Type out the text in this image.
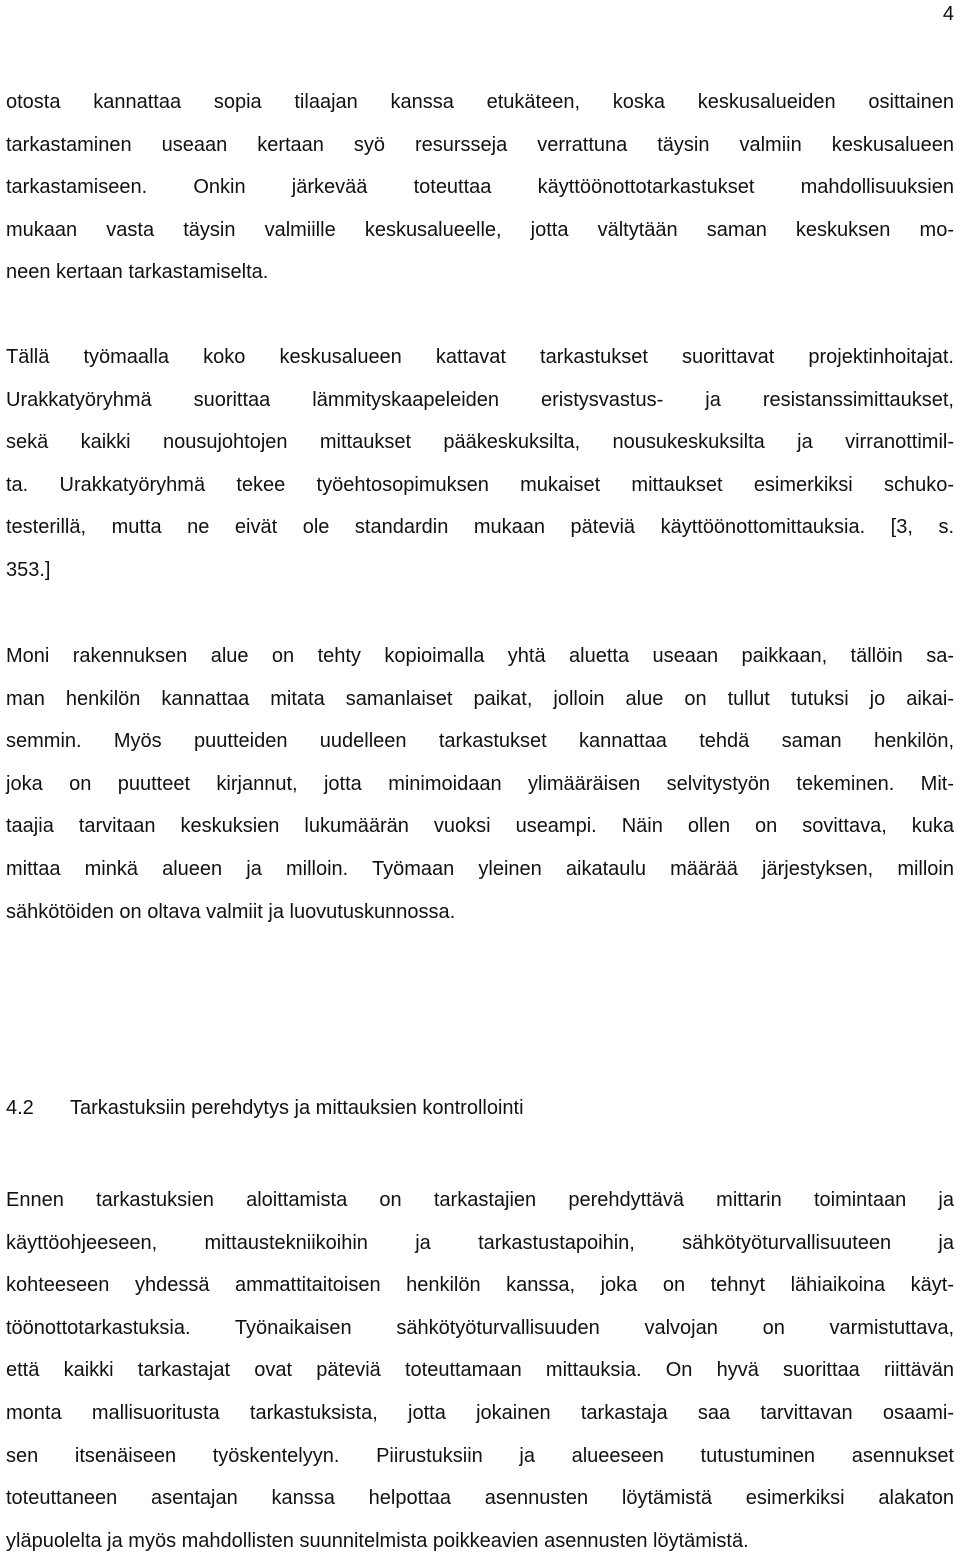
4
otosta kannattaa sopia tilaajan kanssa etukäteen, koska keskusalueiden osittainen
tarkastaminen useaan kertaan syö resursseja verrattuna täysin valmiin keskusalueen
tarkastamiseen. Onkin järkevää toteuttaa käyttöönottotarkastukset mahdollisuuksien
mukaan vasta täysin valmiille keskusalueelle, jotta vältytään saman keskuksen mo-
neen kertaan tarkastamiselta.
Tällä työmaalla koko keskusalueen kattavat tarkastukset suorittavat projektinhoitajat.
Urakkatyöryhmä suorittaa lämmityskaapeleiden eristysvastus- ja resistanssimittaukset,
sekä kaikki nousujohtojen mittaukset pääkeskuksilta, nousukeskuksilta ja virranottimil-
ta. Urakkatyöryhmä tekee työehtosopimuksen mukaiset mittaukset esimerkiksi schuko-
testerillä, mutta ne eivät ole standardin mukaan päteviä käyttöönottomittauksia. [3, s.
353.]
Moni rakennuksen alue on tehty kopioimalla yhtä aluetta useaan paikkaan, tällöin sa-
man henkilön kannattaa mitata samanlaiset paikat, jolloin alue on tullut tutuksi jo aikai-
semmin. Myös puutteiden uudelleen tarkastukset kannattaa tehdä saman henkilön,
joka on puutteet kirjannut, jotta minimoidaan ylimääräisen selvitystyön tekeminen. Mit-
taajia tarvitaan keskuksien lukumäärän vuoksi useampi. Näin ollen on sovittava, kuka
mittaa minkä alueen ja milloin. Työmaan yleinen aikataulu määrää järjestyksen, milloin
sähkötöiden on oltava valmiit ja luovutuskunnossa.
4.2 Tarkastuksiin perehdytys ja mittauksien kontrollointi
Ennen tarkastuksien aloittamista on tarkastajien perehdyttävä mittarin toimintaan ja
käyttöohjeeseen, mittaustekniikoihin ja tarkastustapoihin, sähkötyöturvallisuuteen ja
kohteeseen yhdessä ammattitaitoisen henkilön kanssa, joka on tehnyt lähiaikoina käyt-
töönottotarkastuksia. Työnaikaisen sähkötyöturvallisuuden valvojan on varmistuttava,
että kaikki tarkastajat ovat päteviä toteuttamaan mittauksia. On hyvä suorittaa riittävän
monta mallisuoritusta tarkastuksista, jotta jokainen tarkastaja saa tarvittavan osaami-
sen itsenäiseen työskentelyyn. Piirustuksiin ja alueeseen tutustuminen asennukset
toteuttaneen asentajan kanssa helpottaa asennusten löytämistä esimerkiksi alakaton
yläpuolelta ja myös mahdollisten suunnitelmista poikkeavien asennusten löytämistä.
